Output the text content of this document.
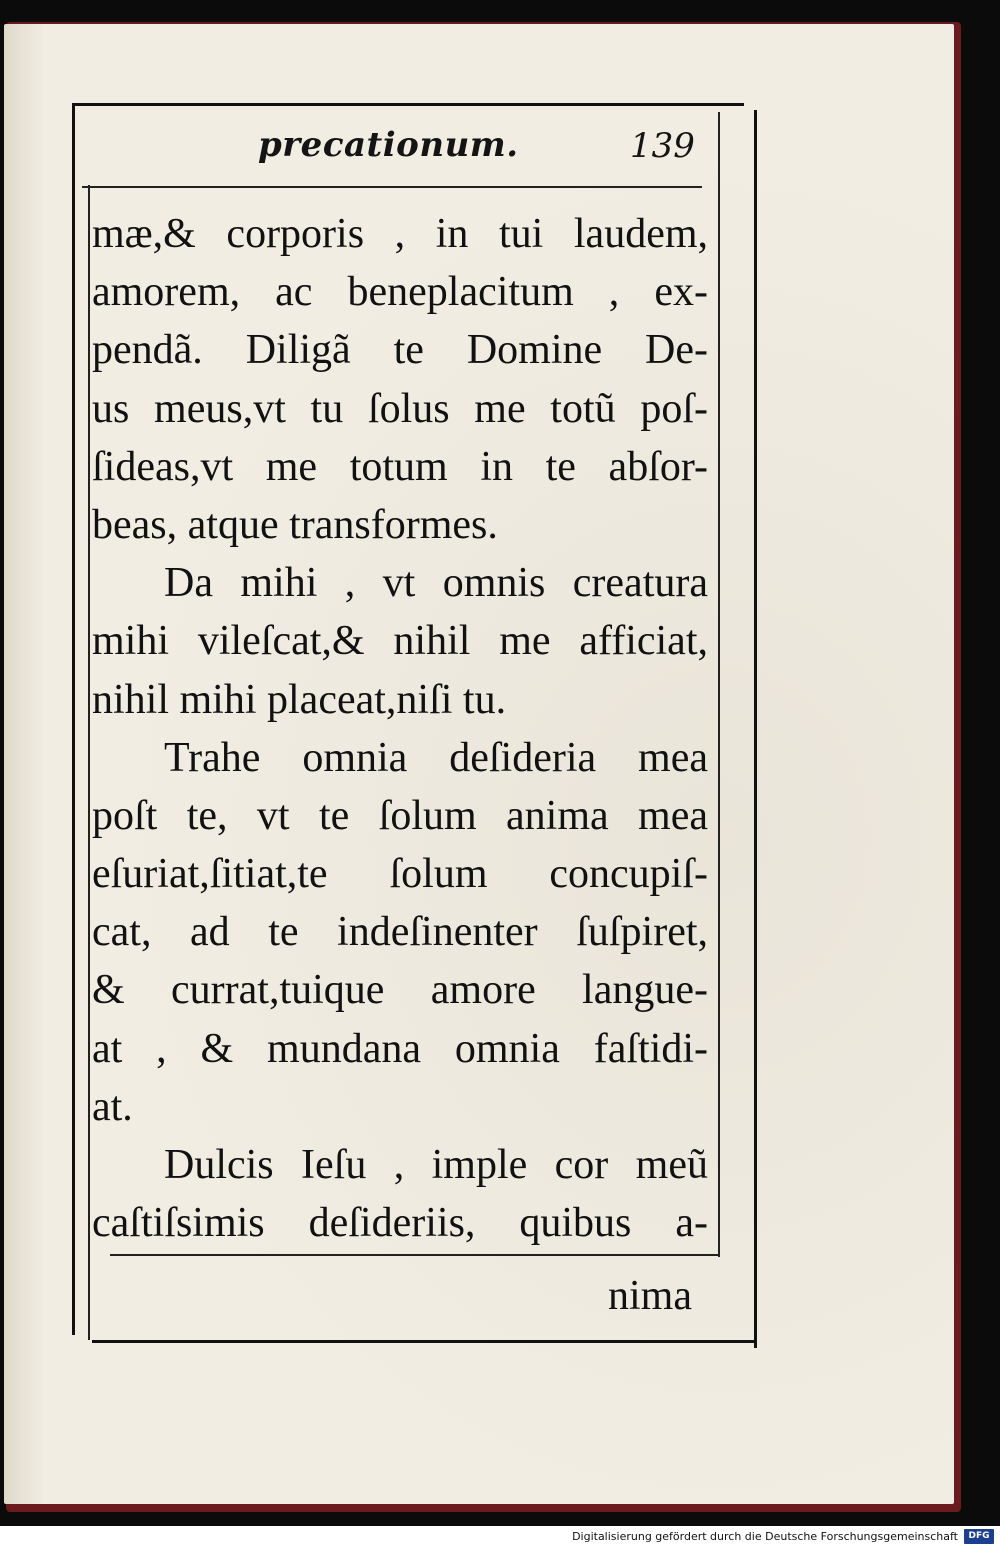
precationum.	139
mæ,& corporis , in tui laudem,
amorem, ac beneplacitum , ex-
pendã. Diligã te Domine De-
us meus,vt tu ſolus me totũ poſ-
ſideas,vt me totum in te abſor-
beas, atque transformes.
Da mihi , vt omnis creatura
mihi vileſcat,& nihil me afficiat,
nihil mihi placeat,niſi tu.
Trahe omnia deſideria mea
poſt te, vt te ſolum anima mea
eſuriat,ſitiat,te ſolum concupiſ-
cat, ad te indeſinenter ſuſpiret,
& currat,tuique amore langue-
at , & mundana omnia faſtidi-
at.
Dulcis Ieſu , imple cor meũ
caſtiſsimis deſideriis, quibus a-
nima
Digitalisierung gefördert durch die Deutsche Forschungsgemeinschaft	DFG
